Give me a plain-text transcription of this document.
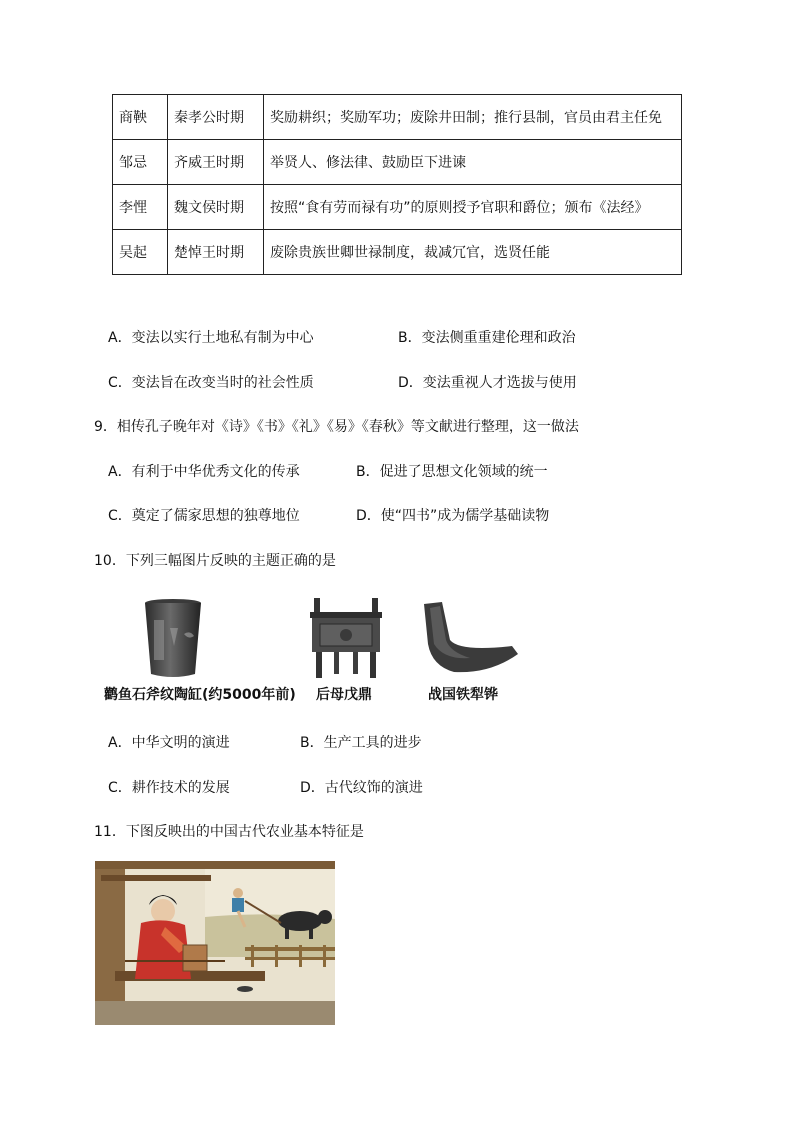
商鞅	秦孝公时期	奖励耕织；奖励军功；废除井田制；推行县制，官员由君主任免
邹忌	齐威王时期	举贤人、修法律、鼓励臣下进谏
李悝	魏文侯时期	按照“食有劳而禄有功”的原则授予官职和爵位；颁布《法经》
吴起	楚悼王时期	废除贵族世卿世禄制度，裁减冗官，选贤任能
A．变法以实行土地私有制为中心	B．变法侧重重建伦理和政治
C．变法旨在改变当时的社会性质	D．变法重视人才选拔与使用
9．相传孔子晚年对《诗》《书》《礼》《易》《春秋》等文献进行整理，这一做法
A．有利于中华优秀文化的传承	B．促进了思想文化领域的统一
C．奠定了儒家思想的独尊地位	D．使“四书”成为儒学基础读物
10．下列三幅图片反映的主题正确的是
鹳鱼石斧纹陶缸(约5000年前) 后母戊鼎	战国铁犁铧
A．中华文明的演进	B．生产工具的进步
C．耕作技术的发展	D．古代纹饰的演进
11．下图反映出的中国古代农业基本特征是
